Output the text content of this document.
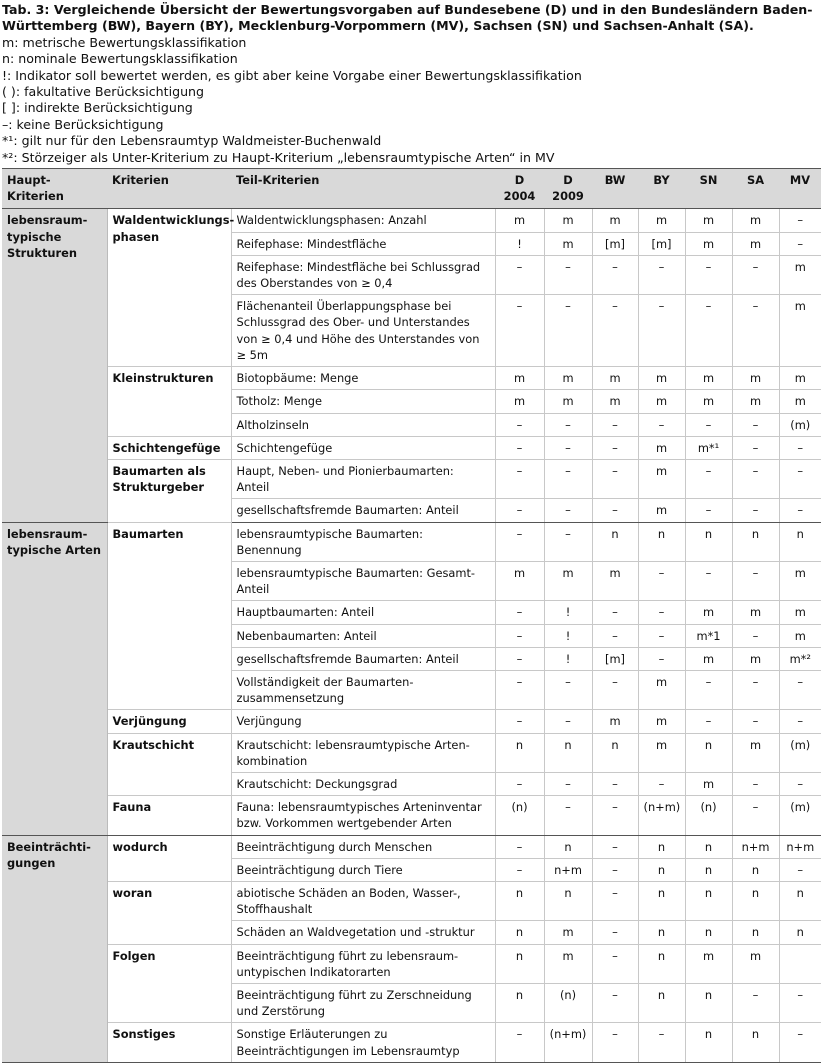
Tab. 3: Vergleichende Übersicht der Bewertungsvorgaben auf Bundesebene (D) und in den Bundesländern Baden-Württemberg (BW), Bayern (BY), Mecklenburg-Vorpommern (MV), Sachsen (SN) und Sachsen-Anhalt (SA).
m: metrische Bewertungsklassifikation
n: nominale Bewertungsklassifikation
!: Indikator soll bewertet werden, es gibt aber keine Vorgabe einer Bewertungsklassifikation
( ): fakultative Berücksichtigung
[ ]: indirekte Berücksichtigung
–: keine Berücksichtigung
*¹: gilt nur für den Lebensraumtyp Waldmeister-Buchenwald
*²: Störzeiger als Unter-Kriterium zu Haupt-Kriterium „lebensraumtypische Arten“ in MV
Haupt-Kriterien	Kriterien	Teil-Kriterien	D 2004	D 2009	BW	BY	SN	SA	MV
lebensraum-typische Strukturen	Waldentwicklungs-phasen	Waldentwicklungsphasen: Anzahl	m	m	m	m	m	m	–
		Reifephase: Mindestfläche	!	m	[m]	[m]	m	m	–
		Reifephase: Mindestfläche bei Schlussgrad des Oberstandes von ≥ 0,4	–	–	–	–	–	–	m
		Flächenanteil Überlappungsphase bei Schlussgrad des Ober- und Unterstandes von ≥ 0,4 und Höhe des Unterstandes von ≥ 5m	–	–	–	–	–	–	m
	Kleinstrukturen	Biotopbäume: Menge	m	m	m	m	m	m	m
		Totholz: Menge	m	m	m	m	m	m	m
		Altholzinseln	–	–	–	–	–	–	(m)
	Schichtengefüge	Schichtengefüge	–	–	–	m	m*¹	–	–
	Baumarten als Strukturgeber	Haupt, Neben- und Pionierbaumarten: Anteil	–	–	–	m	–	–	–
		gesellschaftsfremde Baumarten: Anteil	–	–	–	m	–	–	–
lebensraum-typische Arten	Baumarten	lebensraumtypische Baumarten: Benennung	–	–	n	n	n	n	n
		lebensraumtypische Baumarten: Gesamt-Anteil	m	m	m	–	–	–	m
		Hauptbaumarten: Anteil	–	!	–	–	m	m	m
		Nebenbaumarten: Anteil	–	!	–	–	m*1	–	m
		gesellschaftsfremde Baumarten: Anteil	–	!	[m]	–	m	m	m*²
		Vollständigkeit der Baumarten-zusammensetzung	–	–	–	m	–	–	–
	Verjüngung	Verjüngung	–	–	m	m	–	–	–
	Krautschicht	Krautschicht: lebensraumtypische Arten-kombination	n	n	n	m	n	m	(m)
		Krautschicht: Deckungsgrad	–	–	–	–	m	–	–
	Fauna	Fauna: lebensraumtypisches Arteninventar bzw. Vorkommen wertgebender Arten	(n)	–	–	(n+m)	(n)	–	(m)
Beeinträchti-gungen	wodurch	Beeinträchtigung durch Menschen	–	n	–	n	n	n+m	n+m
		Beeinträchtigung durch Tiere	–	n+m	–	n	n	n	–
	woran	abiotische Schäden an Boden, Wasser-, Stoffhaushalt	n	n	–	n	n	n	n
		Schäden an Waldvegetation und -struktur	n	m	–	n	n	n	n
	Folgen	Beeinträchtigung führt zu lebensraum-untypischen Indikatorarten	n	m	–	n	m	m	
		Beeinträchtigung führt zu Zerschneidung und Zerstörung	n	(n)	–	n	n	–	–
	Sonstiges	Sonstige Erläuterungen zu Beeinträchtigungen im Lebensraumtyp	–	(n+m)	–	–	n	n	–
